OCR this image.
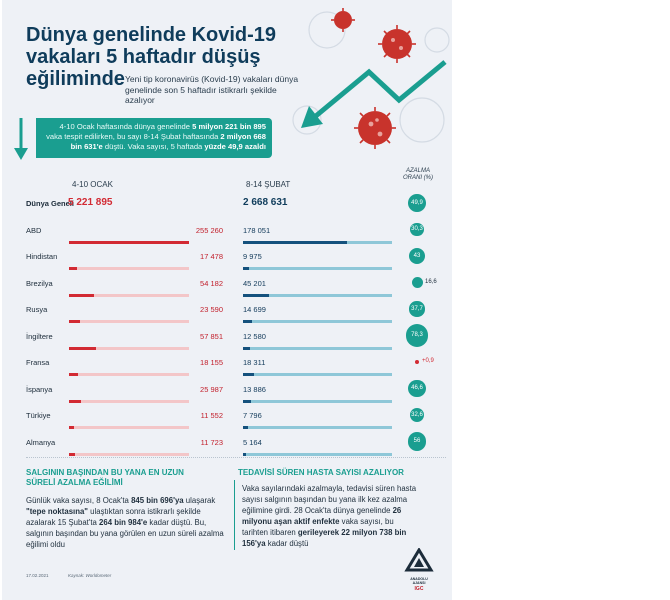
Dünya genelinde Kovid-19
vakaları 5 haftadır düşüş
eğiliminde Yeni tip koronavirüs (Kovid-19) vakaları dünya genelinde son 5 haftadır istikrarlı şekilde azalıyor
4-10 Ocak haftasında dünya genelinde 5 milyon 221 bin 895 vaka tespit edilirken, bu sayı 8-14 Şubat haftasında 2 milyon 668 bin 631'e düştü. Vaka sayısı, 5 haftada yüzde 49,9 azaldı
4-10 OCAK	8-14 ŞUBAT
AZALMA ORANI (%)
Dünya Geneli
5 221 895	2 668 631	49,9
ABD	255 260	178 051	30,3
Hindistan	17 478	9 975	43
Brezilya	54 182	45 201	16,6
Rusya	23 590	14 699	37,7
İngiltere	57 851	12 580	78,3
Fransa	18 155	18 311	+0,9
İspanya	25 987	13 886	46,6
Türkiye	11 552	7 796	32,6
Almanya	11 723	5 164	56
SALGININ BAŞINDAN BU YANA EN UZUN SÜRELİ AZALMA EĞİLİMİ
Günlük vaka sayısı, 8 Ocak'ta 845 bin 696'ya ulaşarak "tepe noktasına" ulaştıktan sonra istikrarlı şekilde azalarak 15 Şubat'ta 264 bin 984'e kadar düştü. Bu, salgının başından bu yana görülen en uzun süreli azalma eğilimi oldu
TEDAVİSİ SÜREN HASTA SAYISI AZALIYOR
Vaka sayılarındaki azalmayla, tedavisi süren hasta sayısı salgının başından bu yana ilk kez azalma eğilimine girdi. 28 Ocak'ta dünya genelinde 26 milyonu aşan aktif enfekte vaka sayısı, bu tarihten itibaren gerileyerek 22 milyon 738 bin 156'ya kadar düştü
17.02.2021	Kaynak: Worldometer
ANADOLU AJANSI
IGC
